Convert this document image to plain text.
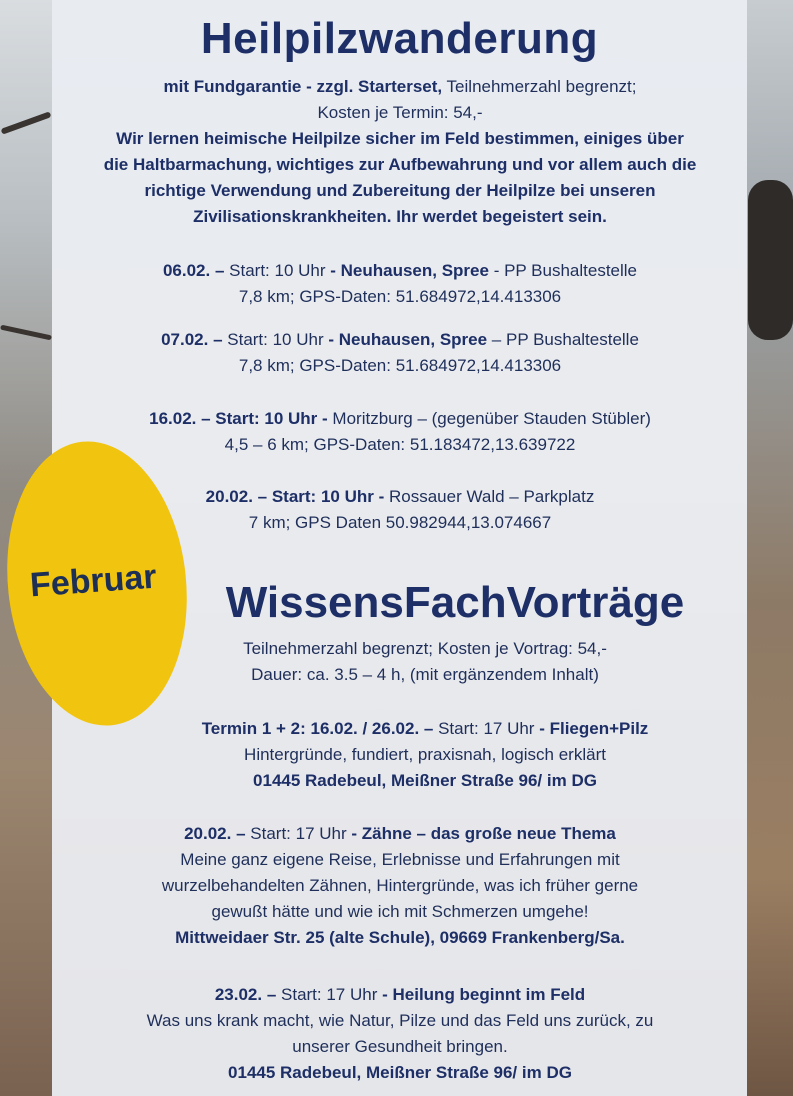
Heilpilzwanderung
mit Fundgarantie - zzgl. Starterset, Teilnehmerzahl begrenzt;
Kosten je Termin: 54,-
Wir lernen heimische Heilpilze sicher im Feld bestimmen, einiges über
die Haltbarmachung, wichtiges zur Aufbewahrung und vor allem auch die
richtige Verwendung und Zubereitung der Heilpilze bei unseren
Zivilisationskrankheiten. Ihr werdet begeistert sein.
06.02. – Start: 10 Uhr - Neuhausen, Spree - PP Bushaltestelle
7,8 km; GPS-Daten: 51.684972,14.413306
07.02. – Start: 10 Uhr - Neuhausen, Spree – PP Bushaltestelle
7,8 km; GPS-Daten: 51.684972,14.413306
16.02. – Start: 10 Uhr - Moritzburg – (gegenüber Stauden Stübler)
4,5 – 6 km; GPS-Daten: 51.183472,13.639722
20.02. – Start: 10 Uhr - Rossauer Wald – Parkplatz
7 km; GPS Daten 50.982944,13.074667
Februar	WissensFachVorträge
Teilnehmerzahl begrenzt; Kosten je Vortrag: 54,-
Dauer: ca. 3.5 – 4 h, (mit ergänzendem Inhalt)
Termin 1 + 2: 16.02. / 26.02. – Start: 17 Uhr - Fliegen+Pilz
Hintergründe, fundiert, praxisnah, logisch erklärt
01445 Radebeul, Meißner Straße 96/ im DG
20.02. – Start: 17 Uhr - Zähne – das große neue Thema
Meine ganz eigene Reise, Erlebnisse und Erfahrungen mit
wurzelbehandelten Zähnen, Hintergründe, was ich früher gerne
gewußt hätte und wie ich mit Schmerzen umgehe!
Mittweidaer Str. 25 (alte Schule), 09669 Frankenberg/Sa.
23.02. – Start: 17 Uhr - Heilung beginnt im Feld
Was uns krank macht, wie Natur, Pilze und das Feld uns zurück, zu
unserer Gesundheit bringen.
01445 Radebeul, Meißner Straße 96/ im DG
